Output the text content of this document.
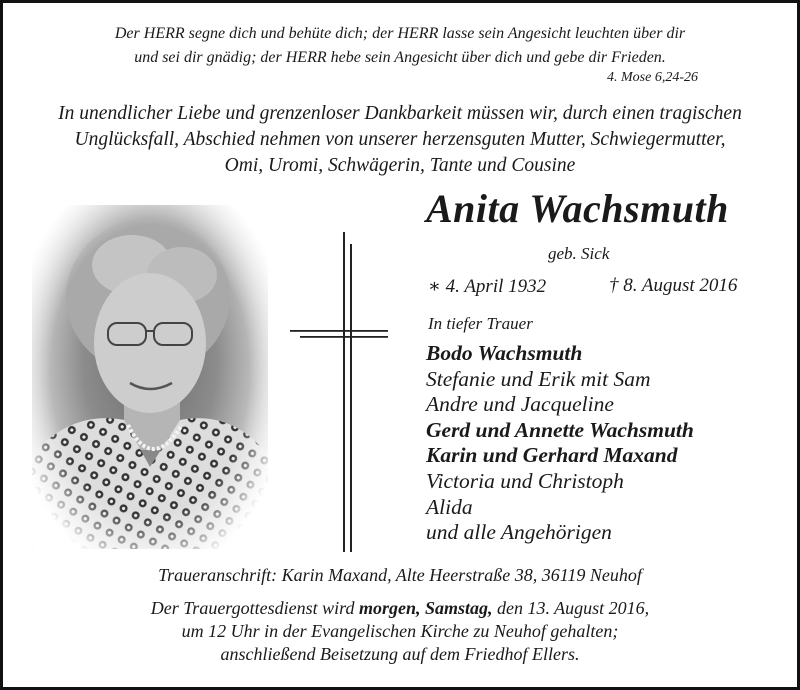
Der HERR segne dich und behüte dich; der HERR lasse sein Angesicht leuchten über dir
und sei dir gnädig; der HERR hebe sein Angesicht über dich und gebe dir Frieden.
4. Mose 6,24-26
In unendlicher Liebe und grenzenloser Dankbarkeit müssen wir, durch einen tragischen
Unglücksfall, Abschied nehmen von unserer herzensguten Mutter, Schwiegermutter,
Omi, Uromi, Schwägerin, Tante und Cousine
Anita Wachsmuth
geb. Sick
∗ 4. April 1932	† 8. August 2016
In tiefer Trauer
Bodo Wachsmuth
Stefanie und Erik mit Sam
Andre und Jacqueline
Gerd und Annette Wachsmuth
Karin und Gerhard Maxand
Victoria und Christoph
Alida
und alle Angehörigen
Traueranschrift: Karin Maxand, Alte Heerstraße 38, 36119 Neuhof
Der Trauergottesdienst wird morgen, Samstag, den 13. August 2016,
um 12 Uhr in der Evangelischen Kirche zu Neuhof gehalten;
anschließend Beisetzung auf dem Friedhof Ellers.
